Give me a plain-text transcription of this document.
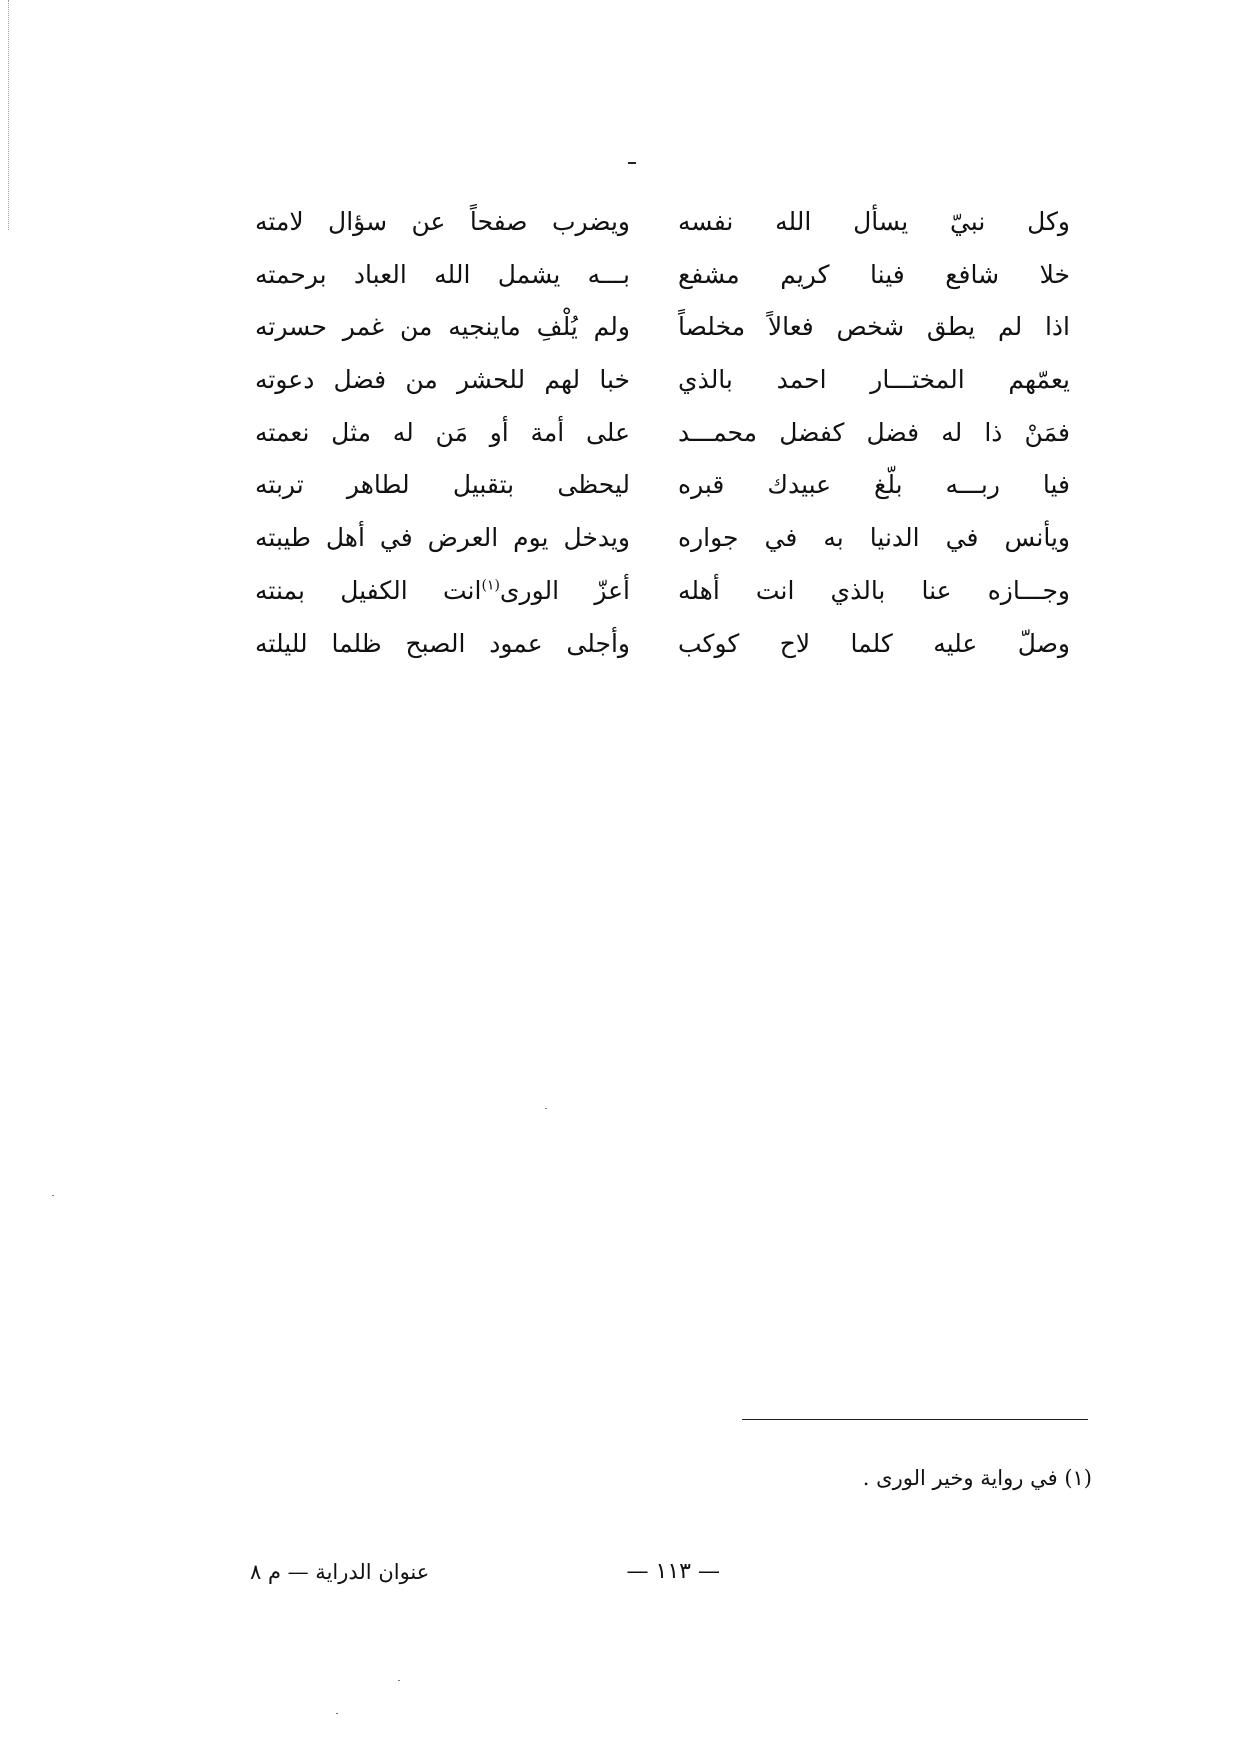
وكل نبيّ يسأل الله نفسه
ويضرب صفحاً عن سؤال لامته
خلا شافع فينا كريم مشفع
بـــه يشمل الله العباد برحمته
اذا لم يطق شخص فعالاً مخلصاً
ولم يُلْفِ ماينجيه من غمر حسرته
يعمّهم المختـــار احمد بالذي
خبا لهم للحشر من فضل دعوته
فمَنْ ذا له فضل كفضل محمـــد
على أمة أو مَن له مثل نعمته
فيا ربـــه بلّغ عبيدك قبره
ليحظى بتقبيل لطاهر تربته
ويأنس في الدنيا به في جواره
ويدخل يوم العرض في أهل طيبته
وجـــازه عنا بالذي انت أهله
أعزّ الورى$^{(١)}$انت الكفيل بمنته
وصلّ عليه كلما لاح كوكب
وأجلى عمود الصبح ظلما لليلته
(١) في رواية وخير الورى .
— ١١٣ —
عنوان الدراية — م ٨
